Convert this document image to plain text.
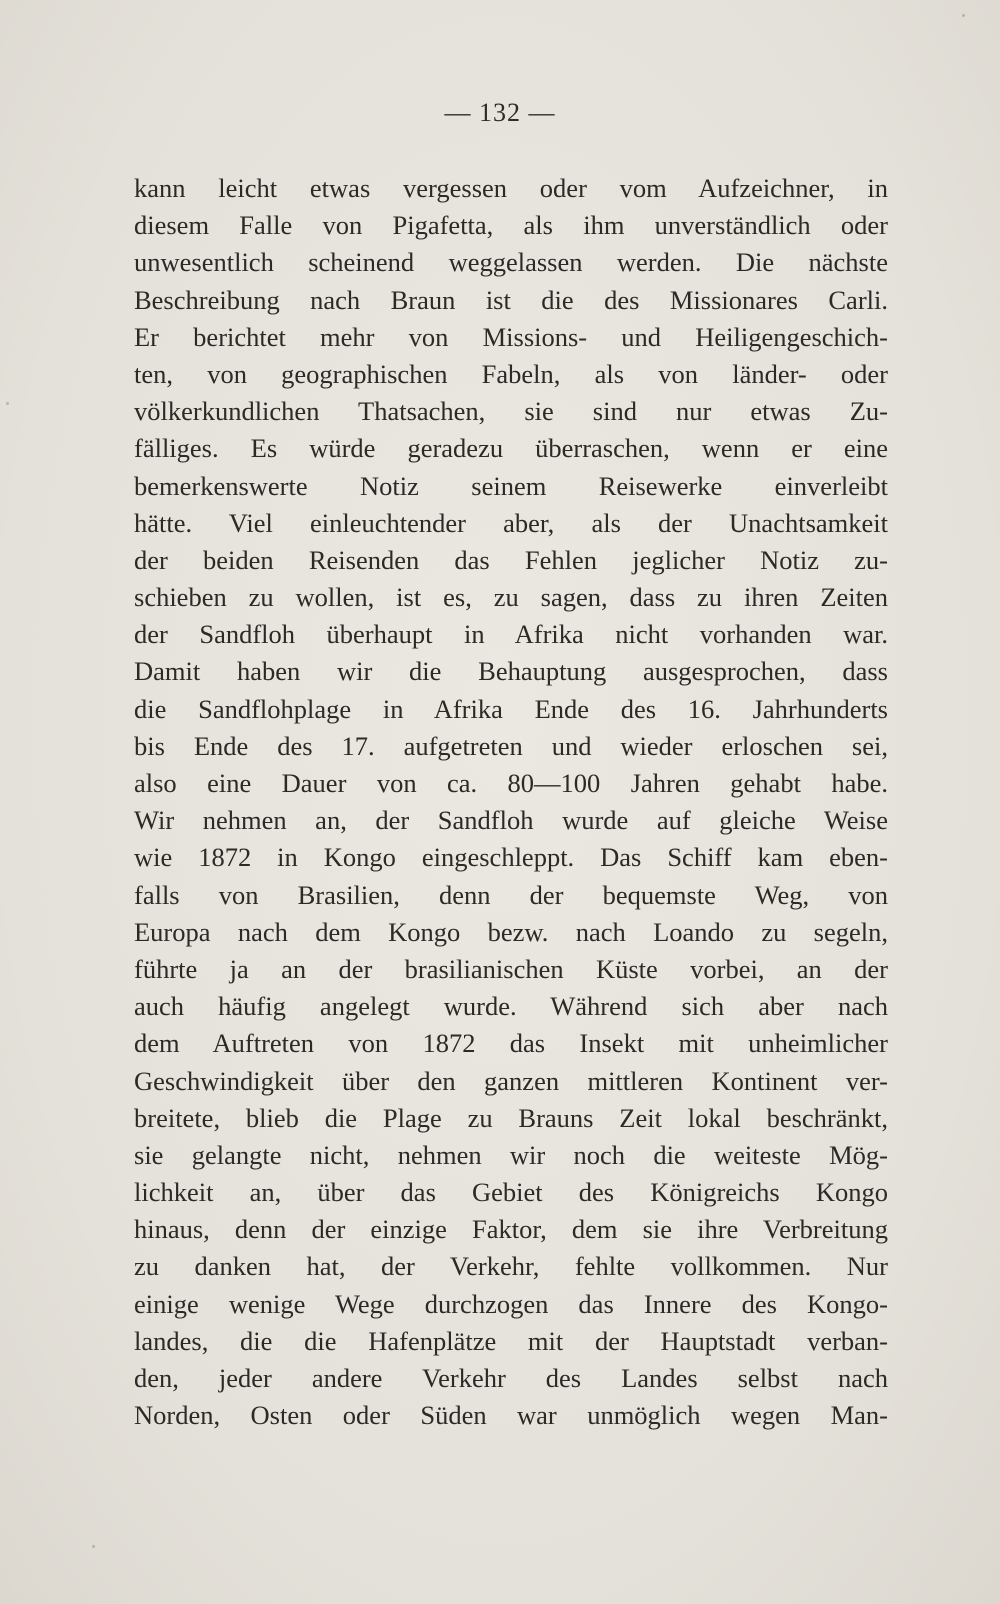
— 132 —
kann leicht etwas vergessen oder vom Aufzeichner, in
diesem Falle von Pigafetta, als ihm unverständlich oder
unwesentlich scheinend weggelassen werden. Die nächste
Beschreibung nach Braun ist die des Missionares Carli.
Er berichtet mehr von Missions- und Heiligengeschich-
ten, von geographischen Fabeln, als von länder- oder
völkerkundlichen Thatsachen, sie sind nur etwas Zu-
fälliges. Es würde geradezu überraschen, wenn er eine
bemerkenswerte Notiz seinem Reisewerke einverleibt
hätte. Viel einleuchtender aber, als der Unachtsamkeit
der beiden Reisenden das Fehlen jeglicher Notiz zu-
schieben zu wollen, ist es, zu sagen, dass zu ihren Zeiten
der Sandfloh überhaupt in Afrika nicht vorhanden war.
Damit haben wir die Behauptung ausgesprochen, dass
die Sandflohplage in Afrika Ende des 16. Jahrhunderts
bis Ende des 17. aufgetreten und wieder erloschen sei,
also eine Dauer von ca. 80—100 Jahren gehabt habe.
Wir nehmen an, der Sandfloh wurde auf gleiche Weise
wie 1872 in Kongo eingeschleppt. Das Schiff kam eben-
falls von Brasilien, denn der bequemste Weg, von
Europa nach dem Kongo bezw. nach Loando zu segeln,
führte ja an der brasilianischen Küste vorbei, an der
auch häufig angelegt wurde. Während sich aber nach
dem Auftreten von 1872 das Insekt mit unheimlicher
Geschwindigkeit über den ganzen mittleren Kontinent ver-
breitete, blieb die Plage zu Brauns Zeit lokal beschränkt,
sie gelangte nicht, nehmen wir noch die weiteste Mög-
lichkeit an, über das Gebiet des Königreichs Kongo
hinaus, denn der einzige Faktor, dem sie ihre Verbreitung
zu danken hat, der Verkehr, fehlte vollkommen. Nur
einige wenige Wege durchzogen das Innere des Kongo-
landes, die die Hafenplätze mit der Hauptstadt verban-
den, jeder andere Verkehr des Landes selbst nach
Norden, Osten oder Süden war unmöglich wegen Man-
